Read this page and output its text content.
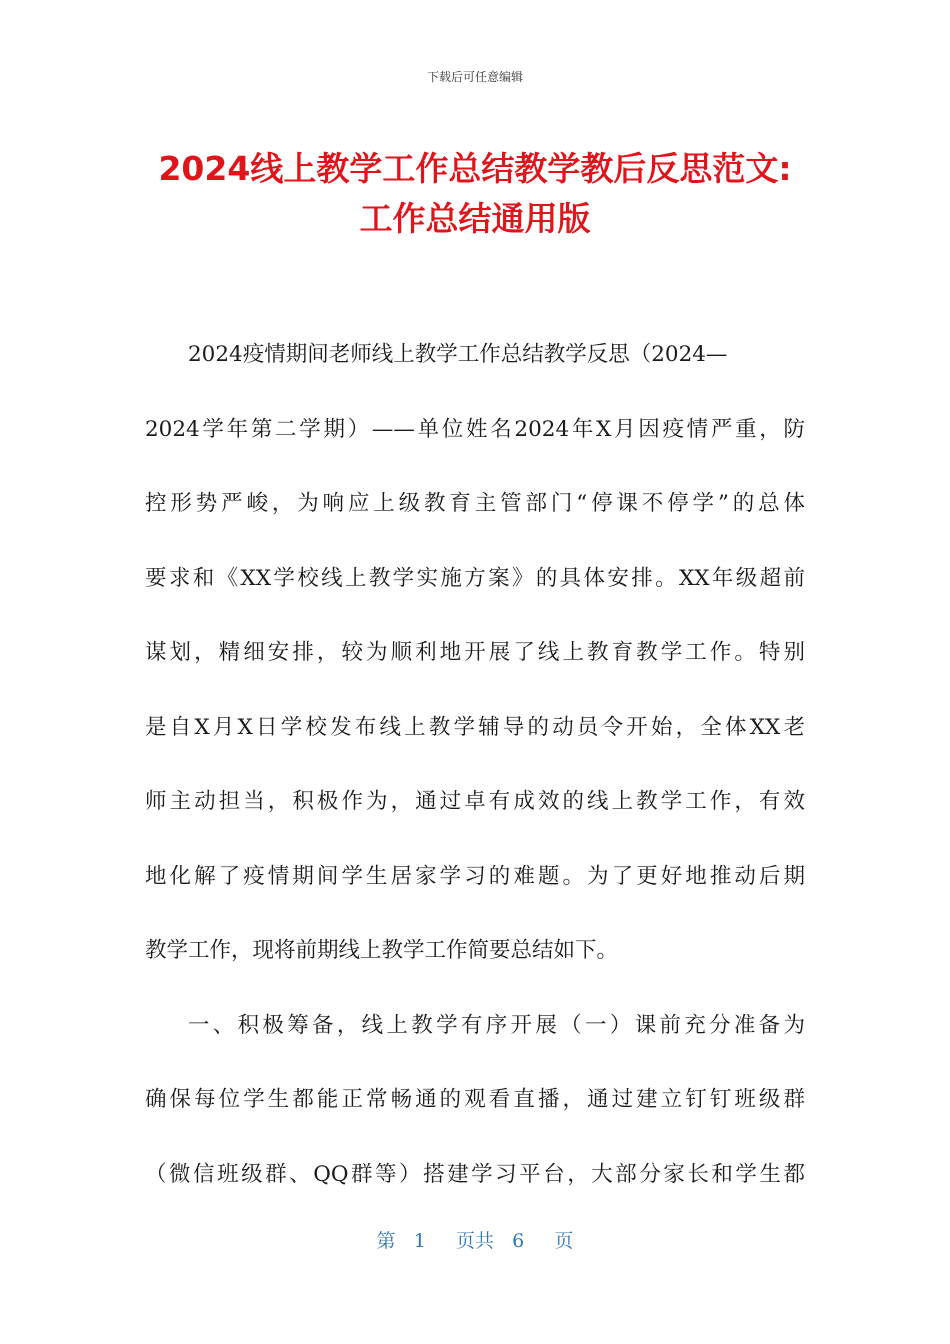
下载后可任意编辑
2024线上教学工作总结教学教后反思范文:
工作总结通用版
2024疫情期间老师线上教学工作总结教学反思（2024—
2024学年第二学期）——单位姓名2024年X月因疫情严重，防
控形势严峻，为响应上级教育主管部门“停课不停学”的总体
要求和《XX学校线上教学实施方案》的具体安排。XX年级超前
谋划，精细安排，较为顺利地开展了线上教育教学工作。特别
是自X月X日学校发布线上教学辅导的动员令开始，全体XX老
师主动担当，积极作为，通过卓有成效的线上教学工作，有效
地化解了疫情期间学生居家学习的难题。为了更好地推动后期
教学工作，现将前期线上教学工作简要总结如下。
一、积极筹备，线上教学有序开展（一）课前充分准备为
确保每位学生都能正常畅通的观看直播，通过建立钉钉班级群
（微信班级群、QQ群等）搭建学习平台，大部分家长和学生都
第 1 页共 6 页
